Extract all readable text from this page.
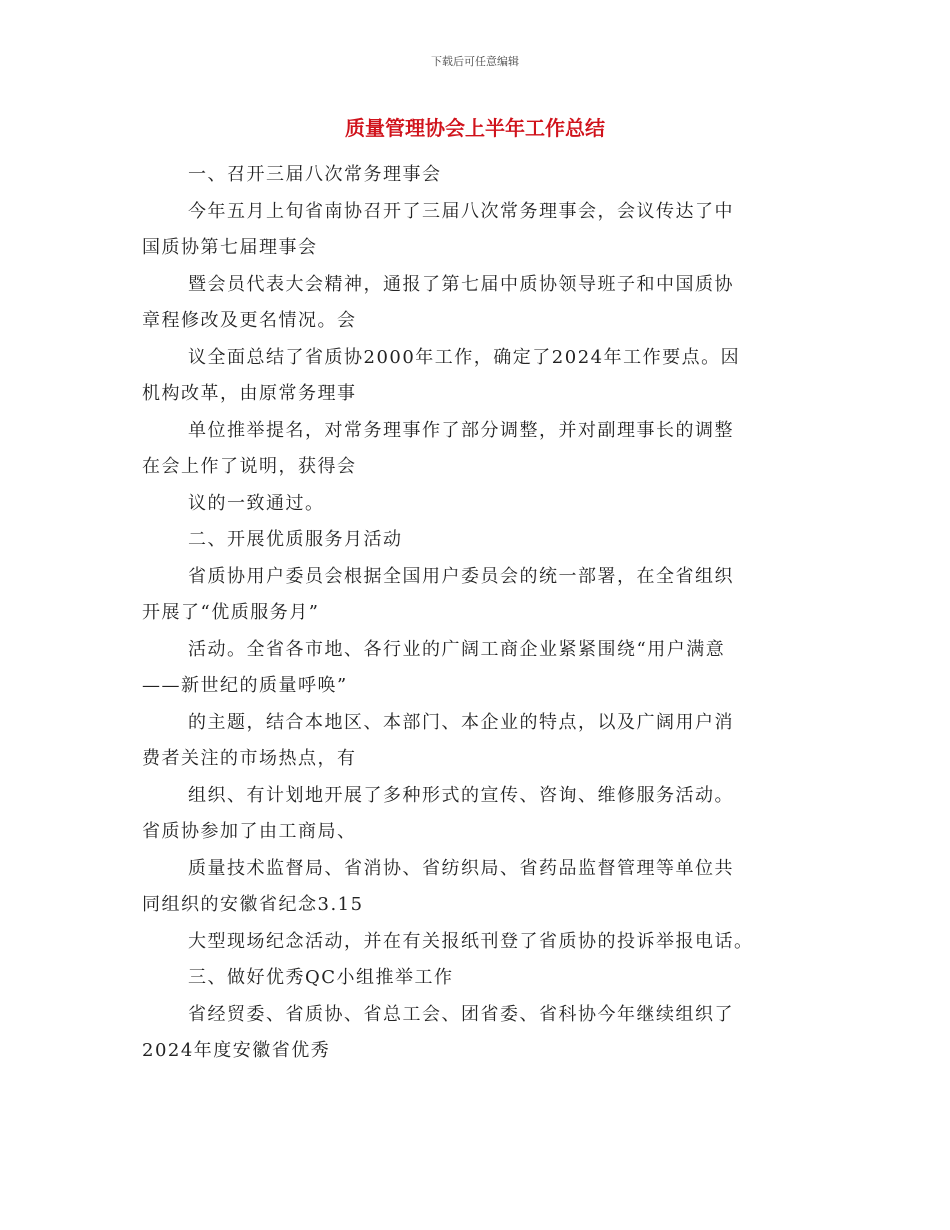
下载后可任意编辑
质量管理协会上半年工作总结
一、召开三届八次常务理事会
今年五月上旬省南协召开了三届八次常务理事会，会议传达了中
国质协第七届理事会
暨会员代表大会精神，通报了第七届中质协领导班子和中国质协
章程修改及更名情况。会
议全面总结了省质协2000年工作，确定了2024年工作要点。因
机构改革，由原常务理事
单位推举提名，对常务理事作了部分调整，并对副理事长的调整
在会上作了说明，获得会
议的一致通过。
二、开展优质服务月活动
省质协用户委员会根据全国用户委员会的统一部署，在全省组织
开展了“优质服务月”
活动。全省各市地、各行业的广阔工商企业紧紧围绕“用户满意
——新世纪的质量呼唤”
的主题，结合本地区、本部门、本企业的特点，以及广阔用户消
费者关注的市场热点，有
组织、有计划地开展了多种形式的宣传、咨询、维修服务活动。
省质协参加了由工商局、
质量技术监督局、省消协、省纺织局、省药品监督管理等单位共
同组织的安徽省纪念3.15
大型现场纪念活动，并在有关报纸刊登了省质协的投诉举报电话。
三、做好优秀QC小组推举工作
省经贸委、省质协、省总工会、团省委、省科协今年继续组织了
2024年度安徽省优秀
